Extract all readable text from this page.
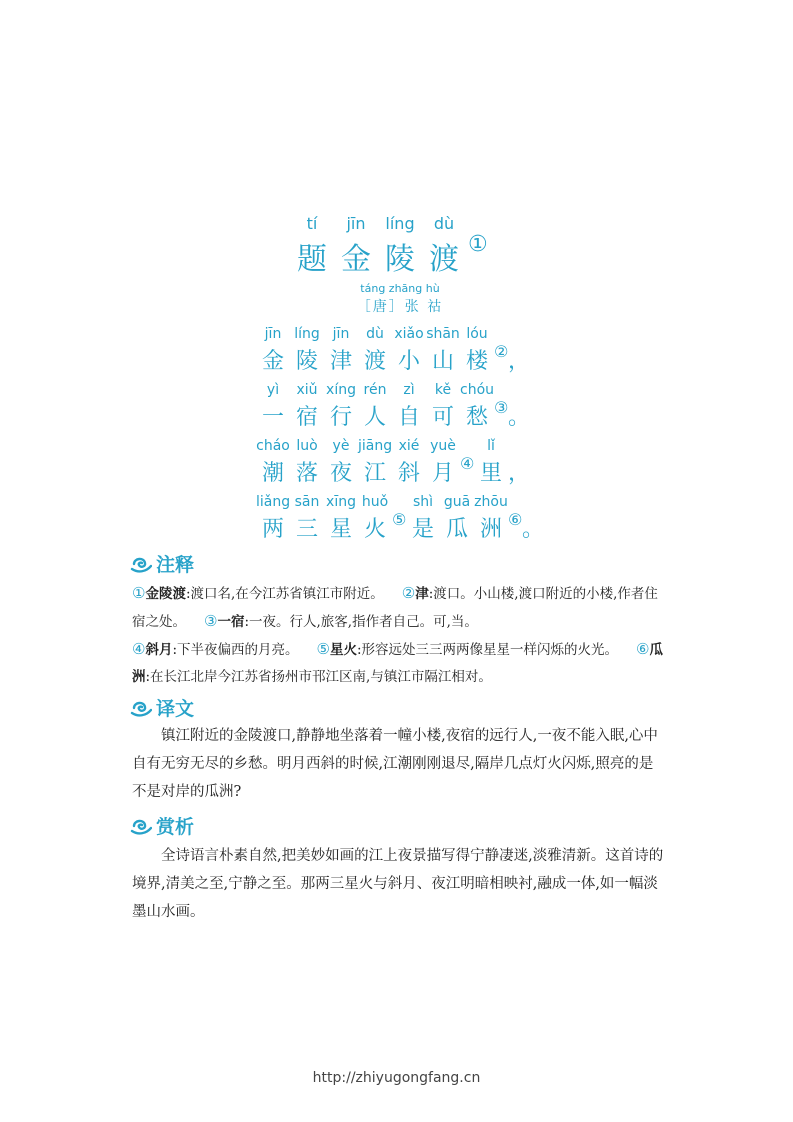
tí	jīn	líng	dù
题 金 陵 渡 ①
táng zhāng hù
［唐］张 祜
jīn líng jīn	dù xiǎo shān lóu
金 陵 津 渡 小 山 楼 ② ，
yì	xiǔ xíng rén	zì	kě chóu
一 宿 行 人 自 可 愁 ③ 。
cháo luò	yè jiāng xié yuè	lǐ
潮 落 夜 江 斜 月 ④ 里 ，
liǎng sān xīng huǒ	shì guā zhōu
两 三 星 火 ⑤ 是 瓜 洲 ⑥ 。
注释
①金陵渡:渡口名,在今江苏省镇江市附近。 ②津:渡口。小山楼,渡口附近的小楼,作者住宿之处。 ③一宿:一夜。行人,旅客,指作者自己。可,当。
④斜月:下半夜偏西的月亮。 ⑤星火:形容远处三三两两像星星一样闪烁的火光。 ⑥瓜洲:在长江北岸今江苏省扬州市邗江区南,与镇江市隔江相对。
译文
镇江附近的金陵渡口,静静地坐落着一幢小楼,夜宿的远行人,一夜不能入眠,心中自有无穷无尽的乡愁。明月西斜的时候,江潮刚刚退尽,隔岸几点灯火闪烁,照亮的是不是对岸的瓜洲?
赏析
全诗语言朴素自然,把美妙如画的江上夜景描写得宁静凄迷,淡雅清新。这首诗的境界,清美之至,宁静之至。那两三星火与斜月、夜江明暗相映衬,融成一体,如一幅淡墨山水画。
http://zhiyugongfang.cn
